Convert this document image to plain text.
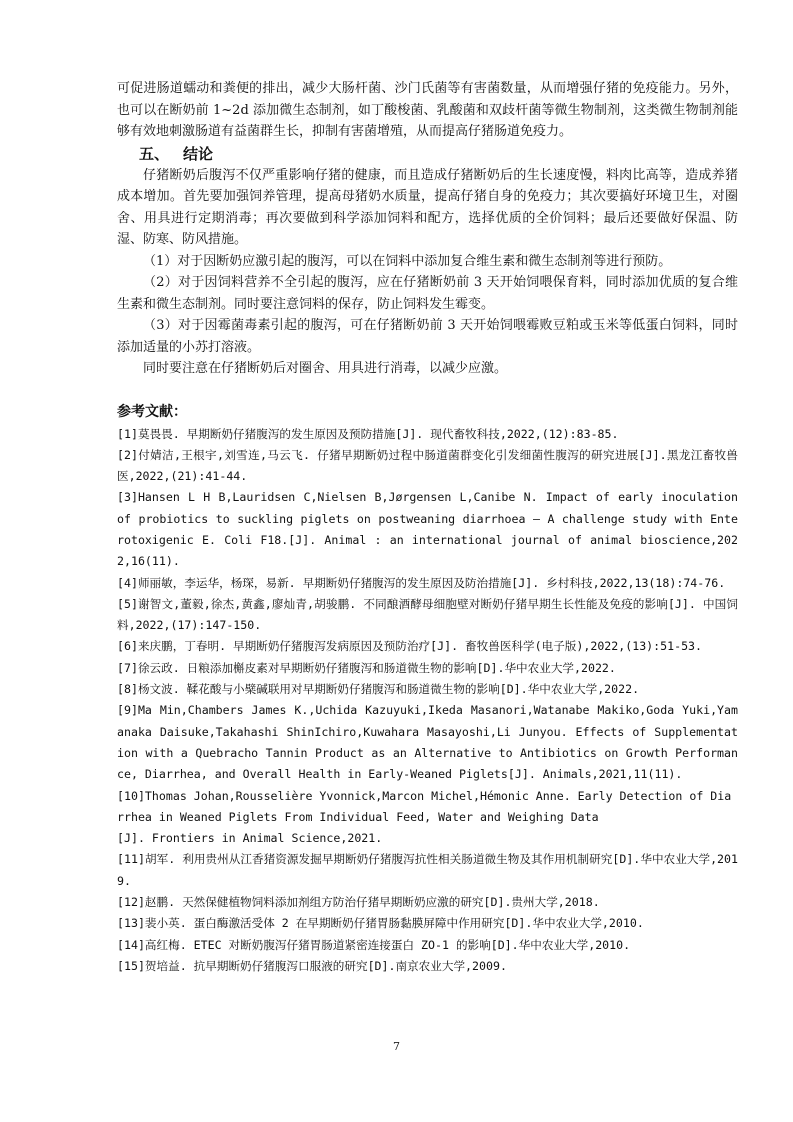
可促进肠道蠕动和粪便的排出，减少大肠杆菌、沙门氏菌等有害菌数量，从而增强仔猪的免疫能力。另外，也可以在断奶前 1~2d 添加微生态制剂，如丁酸梭菌、乳酸菌和双歧杆菌等微生物制剂，这类微生物制剂能够有效地刺激肠道有益菌群生长，抑制有害菌增殖，从而提高仔猪肠道免疫力。

五、 结论

仔猪断奶后腹泻不仅严重影响仔猪的健康，而且造成仔猪断奶后的生长速度慢，料肉比高等，造成养猪成本增加。首先要加强饲养管理，提高母猪奶水质量，提高仔猪自身的免疫力；其次要搞好环境卫生，对圈舍、用具进行定期消毒；再次要做到科学添加饲料和配方，选择优质的全价饲料；最后还要做好保温、防湿、防寒、防风措施。

（1）对于因断奶应激引起的腹泻，可以在饲料中添加复合维生素和微生态制剂等进行预防。

（2）对于因饲料营养不全引起的腹泻，应在仔猪断奶前 3 天开始饲喂保育料，同时添加优质的复合维生素和微生态制剂。同时要注意饲料的保存，防止饲料发生霉变。

（3）对于因霉菌毒素引起的腹泻，可在仔猪断奶前 3 天开始饲喂霉败豆粕或玉米等低蛋白饲料，同时添加适量的小苏打溶液。

同时要注意在仔猪断奶后对圈舍、用具进行消毒，以减少应激。

参考文献：

[1]莫畏畏. 早期断奶仔猪腹泻的发生原因及预防措施[J]. 现代畜牧科技,2022,(12):83-85.

[2]付婧洁,王根宇,刘雪连,马云飞. 仔猪早期断奶过程中肠道菌群变化引发细菌性腹泻的研究进展[J].黑龙江畜牧兽医,2022,(21):41-44.

[3]Hansen L H B,Lauridsen C,Nielsen B,Jørgensen L,Canibe N. Impact of early inoculation of probiotics to suckling piglets on postweaning diarrhoea – A challenge study with Enterotoxigenic E. Coli F18.[J]. Animal : an international journal of animal bioscience,2022,16(11).

[4]师丽敏，李运华，杨琛，易新. 早期断奶仔猪腹泻的发生原因及防治措施[J]. 乡村科技,2022,13(18):74-76.

[5]谢智文,董毅,徐杰,黄鑫,廖灿青,胡骏鹏. 不同酿酒酵母细胞壁对断奶仔猪早期生长性能及免疫的影响[J]. 中国饲料,2022,(17):147-150.

[6]来庆鹏，丁春明. 早期断奶仔猪腹泻发病原因及预防治疗[J]. 畜牧兽医科学(电子版),2022,(13):51-53.

[7]徐云政. 日粮添加槲皮素对早期断奶仔猪腹泻和肠道微生物的影响[D].华中农业大学,2022.

[8]杨文波. 鞣花酸与小檗碱联用对早期断奶仔猪腹泻和肠道微生物的影响[D].华中农业大学,2022.

[9]Ma Min,Chambers James K.,Uchida Kazuyuki,Ikeda Masanori,Watanabe Makiko,Goda Yuki,Yamanaka Daisuke,Takahashi ShinIchiro,Kuwahara Masayoshi,Li Junyou. Effects of Supplementation with a Quebracho Tannin Product as an Alternative to Antibiotics on Growth Performance, Diarrhea, and Overall Health in Early-Weaned Piglets[J]. Animals,2021,11(11).

[10]Thomas Johan,Rousselière Yvonnick,Marcon Michel,Hémonic Anne. Early Detection of Diarrhea in Weaned Piglets From Individual Feed, Water and Weighing Data

[J]. Frontiers in Animal Science,2021.

[11]胡军. 利用贵州从江香猪资源发掘早期断奶仔猪腹泻抗性相关肠道微生物及其作用机制研究[D].华中农业大学,2019.

[12]赵鹏. 天然保健植物饲料添加剂组方防治仔猪早期断奶应激的研究[D].贵州大学,2018.

[13]裴小英. 蛋白酶激活受体 2 在早期断奶仔猪胃肠黏膜屏障中作用研究[D].华中农业大学,2010.

[14]高红梅. ETEC 对断奶腹泻仔猪胃肠道紧密连接蛋白 ZO-1 的影响[D].华中农业大学,2010.

[15]贺培益. 抗早期断奶仔猪腹泻口服液的研究[D].南京农业大学,2009.

7
